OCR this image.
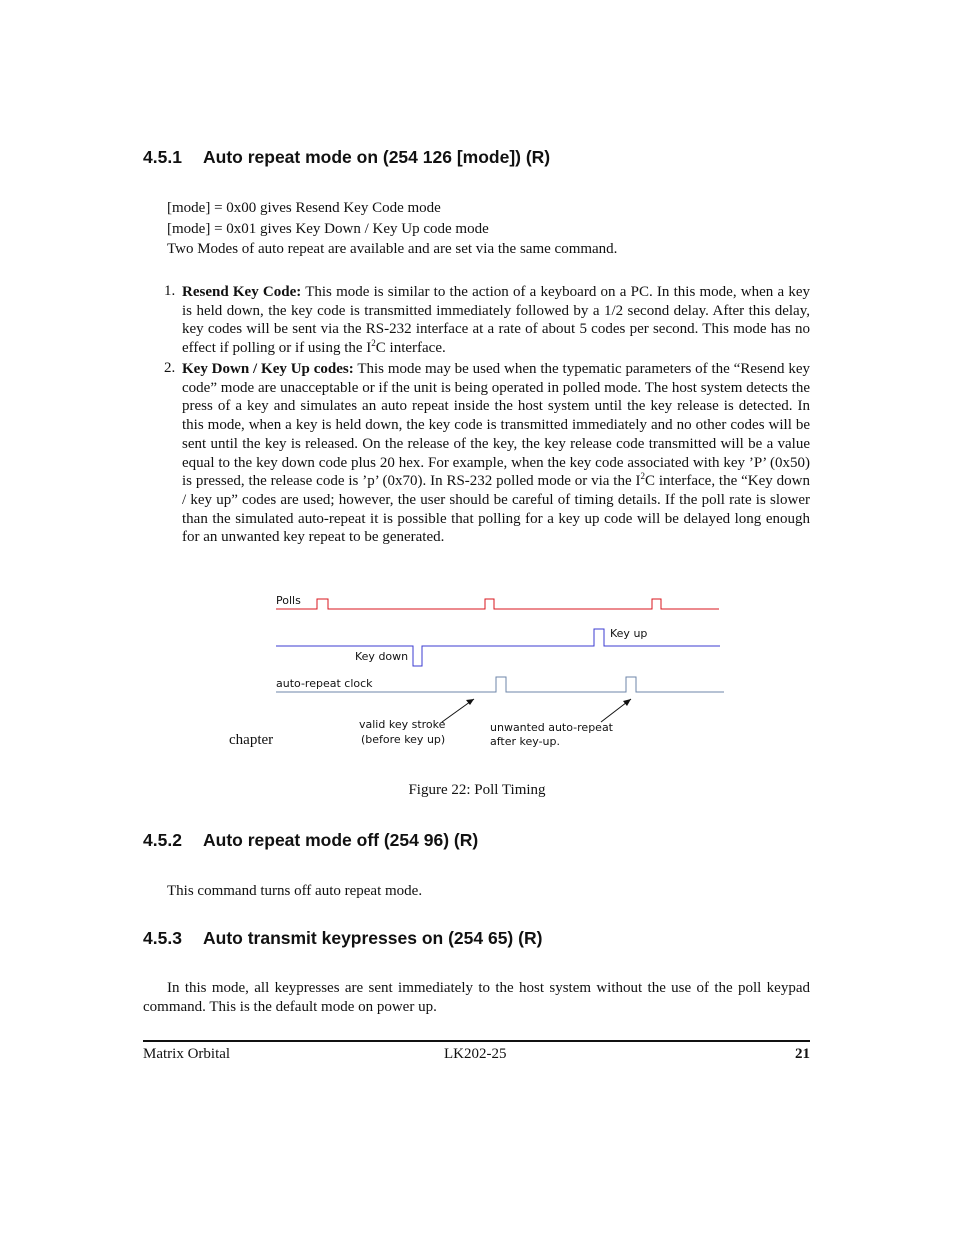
4.5.1 Auto repeat mode on (254 126 [mode]) (R)
[mode] = 0x00 gives Resend Key Code mode
[mode] = 0x01 gives Key Down / Key Up code mode
Two Modes of auto repeat are available and are set via the same command.
1. Resend Key Code: This mode is similar to the action of a keyboard on a PC. In this mode, when a key is held down, the key code is transmitted immediately followed by a 1/2 second delay. After this delay, key codes will be sent via the RS-232 interface at a rate of about 5 codes per second. This mode has no effect if polling or if using the $I^2C$ interface.
2. Key Down / Key Up codes: This mode may be used when the typematic parameters of the “Resend key code” mode are unacceptable or if the unit is being operated in polled mode. The host system detects the press of a key and simulates an auto repeat inside the host system until the key release is detected. In this mode, when a key is held down, the key code is transmitted immediately and no other codes will be sent until the key is released. On the release of the key, the key release code transmitted will be a value equal to the key down code plus 20 hex. For example, when the key code associated with key ’P’ (0x50) is pressed, the release code is ’p’ (0x70). In RS-232 polled mode or via the $I^2C$ interface, the “Key down / key up” codes are used; however, the user should be careful of timing details. If the poll rate is slower than the simulated auto-repeat it is possible that polling for a key up code will be delayed long enough for an unwanted key repeat to be generated.
chapter
Polls
Key down
Key up
auto-repeat clock
valid key stroke
(before key up)
unwanted auto-repeat
after key-up.
Figure 22: Poll Timing
4.5.2 Auto repeat mode off (254 96) (R)
This command turns off auto repeat mode.
4.5.3 Auto transmit keypresses on (254 65) (R)
In this mode, all keypresses are sent immediately to the host system without the use of the poll keypad command. This is the default mode on power up.
Matrix Orbital	LK202-25	21
